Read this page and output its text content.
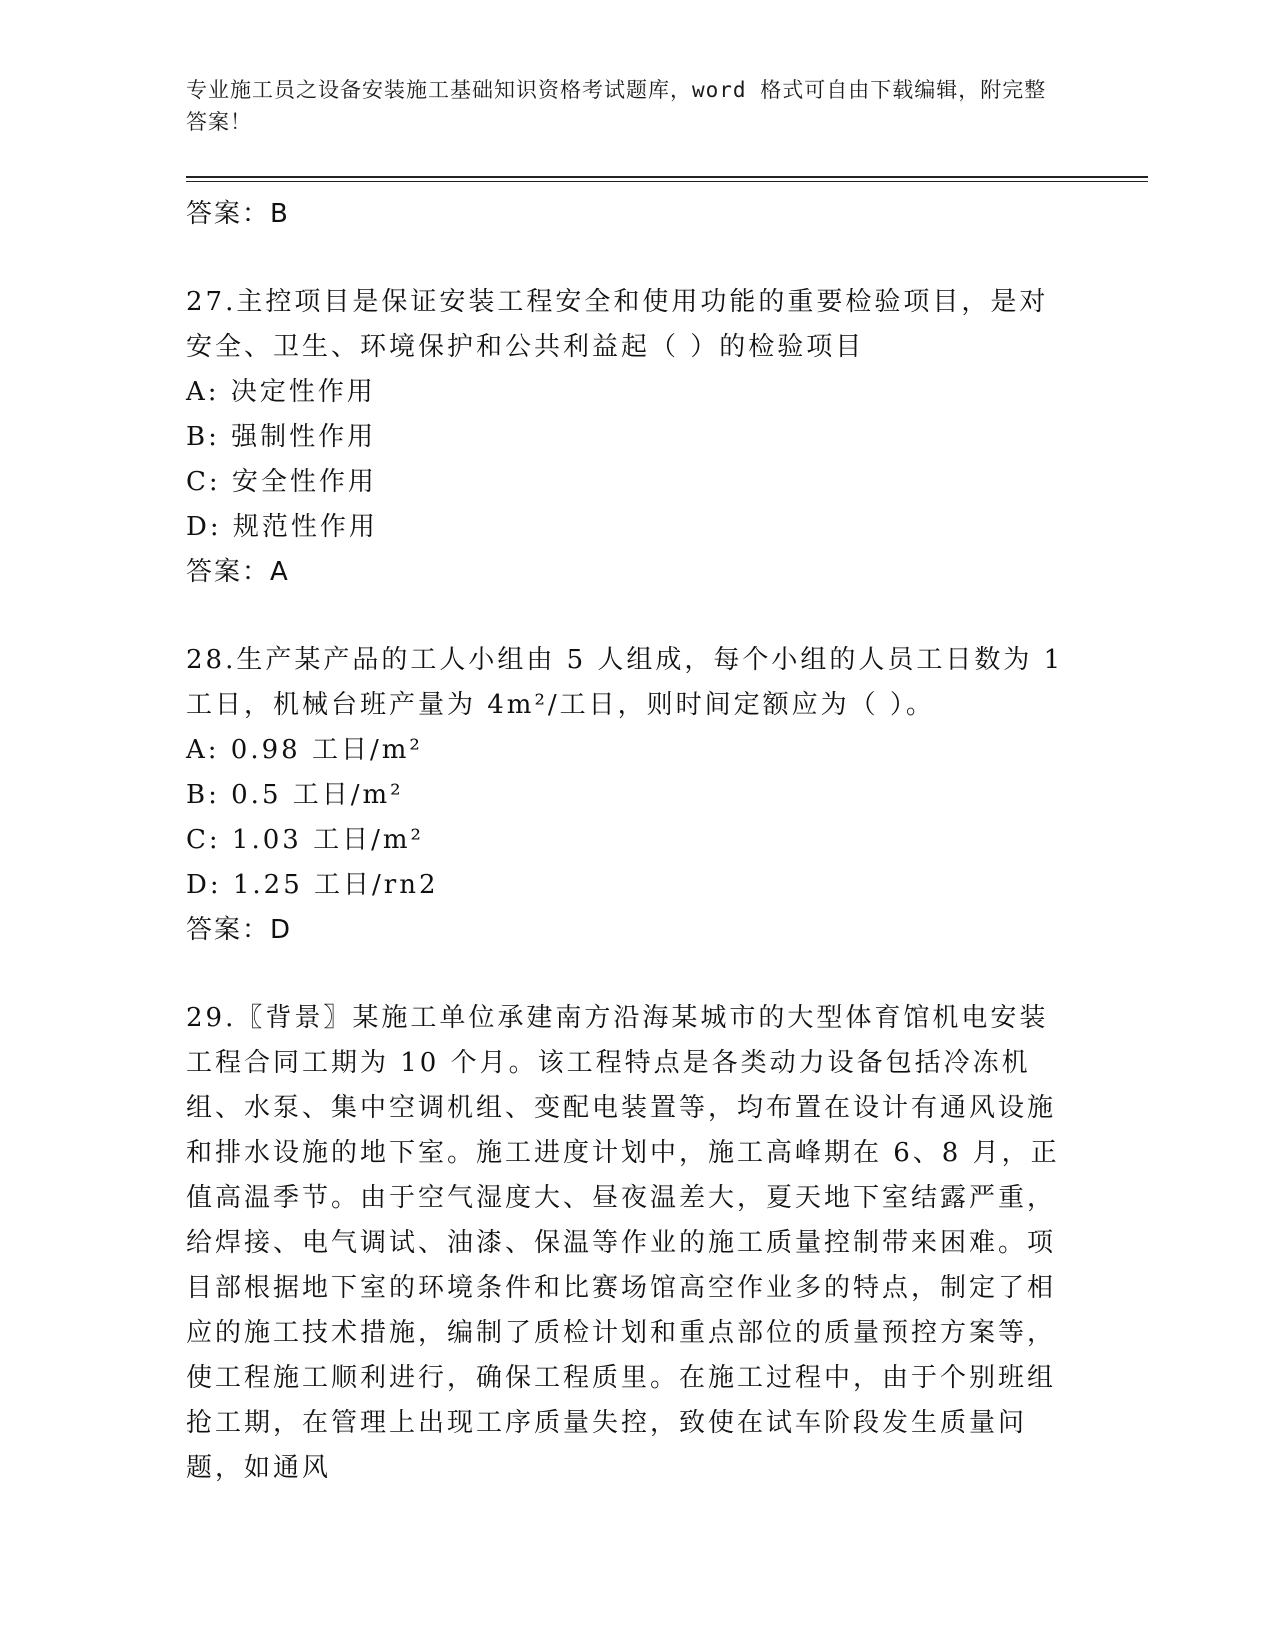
专业施工员之设备安装施工基础知识资格考试题库，word 格式可自由下载编辑，附完整答案！
答案：B
27.主控项目是保证安装工程安全和使用功能的重要检验项目，是对安全、卫生、环境保护和公共利益起（ ）的检验项目
A: 决定性作用
B: 强制性作用
C: 安全性作用
D: 规范性作用
答案：A
28.生产某产品的工人小组由 5 人组成，每个小组的人员工日数为 1 工日，机械台班产量为 4m²/工日，则时间定额应为（ ）。
A: 0.98 工日/m²
B: 0.5 工日/m²
C: 1.03 工日/m²
D: 1.25 工日/rn2
答案：D
29.〖背景〗某施工单位承建南方沿海某城市的大型体育馆机电安装工程合同工期为 10 个月。该工程特点是各类动力设备包括冷冻机组、水泵、集中空调机组、变配电装置等，均布置在设计有通风设施和排水设施的地下室。施工进度计划中，施工高峰期在 6、8 月，正值高温季节。由于空气湿度大、昼夜温差大，夏天地下室结露严重，给焊接、电气调试、油漆、保温等作业的施工质量控制带来困难。项目部根据地下室的环境条件和比赛场馆高空作业多的特点，制定了相应的施工技术措施，编制了质检计划和重点部位的质量预控方案等，使工程施工顺利进行，确保工程质里。在施工过程中，由于个别班组抢工期，在管理上出现工序质量失控，致使在试车阶段发生质量问题，如通风
